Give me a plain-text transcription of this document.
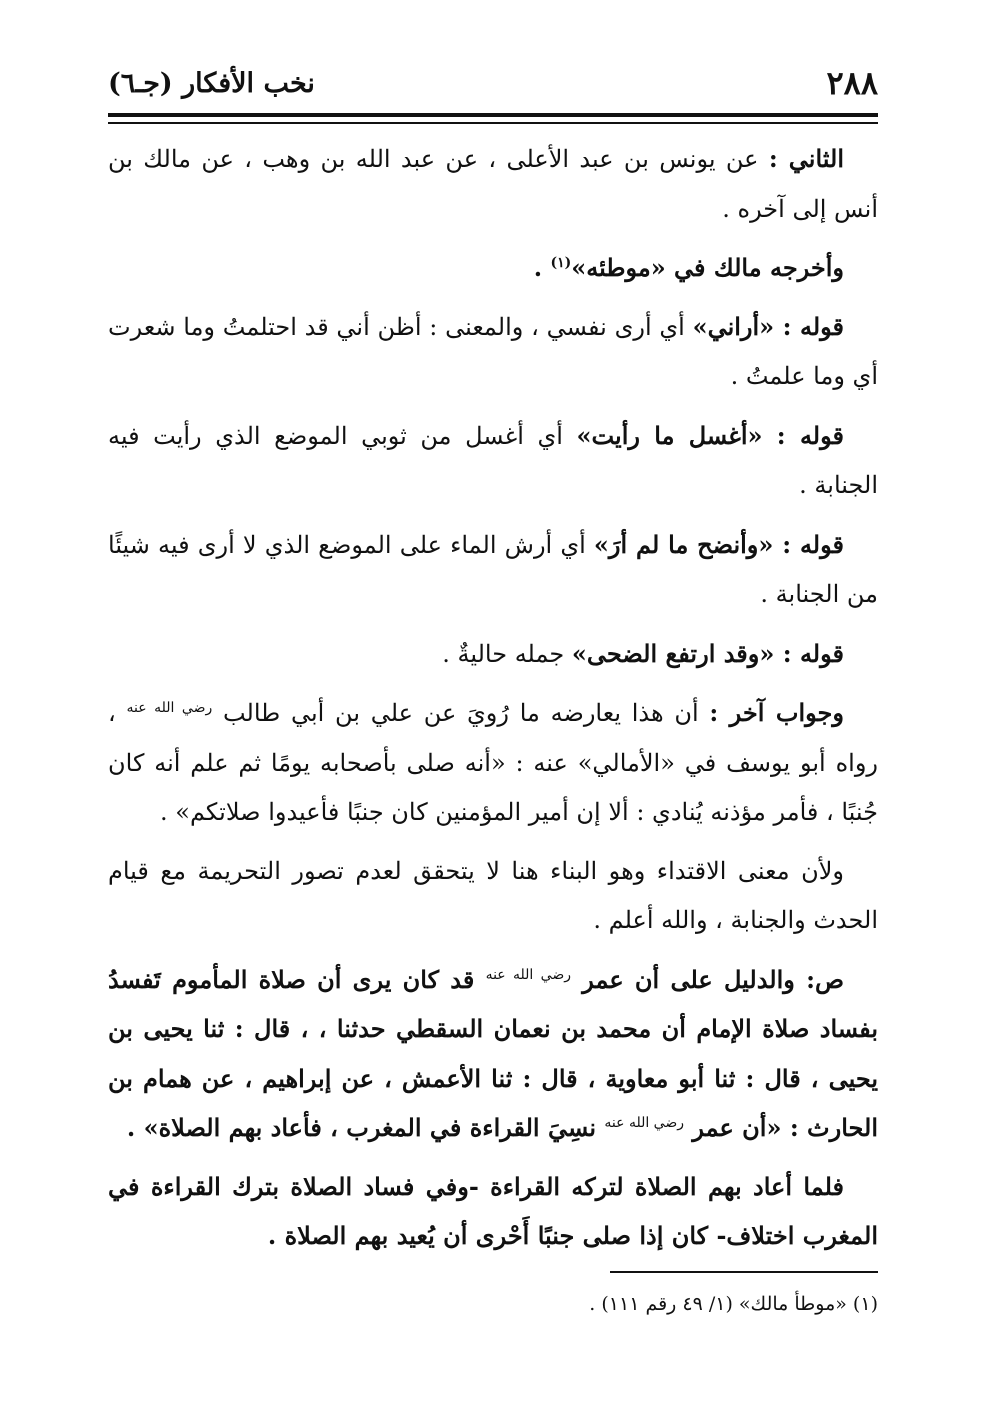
٢٨٨
نخب الأفكار (جـ٦)

الثاني : عن يونس بن عبد الأعلى ، عن عبد الله بن وهب ، عن مالك بن أنس إلى آخره .

وأخرجه مالك في «موطئه»$^{(١)}$ .

قوله : «أراني» أي أرى نفسي ، والمعنى : أظن أني قد احتلمتُ وما شعرت أي وما علمتُ .

قوله : «أغسل ما رأيت» أي أغسل من ثوبي الموضع الذي رأيت فيه الجنابة .

قوله : «وأنضح ما لم أرَ» أي أرش الماء على الموضع الذي لا أرى فيه شيئًا من الجنابة .

قوله : «وقد ارتفع الضحى» جمله حاليةٌ .

وجواب آخر : أن هذا يعارضه ما رُويَ عن علي بن أبي طالب $^{رضي الله عنه}$ ، رواه أبو يوسف في «الأمالي» عنه : «أنه صلى بأصحابه يومًا ثم علم أنه كان جُنبًا ، فأمر مؤذنه يُنادي : ألا إن أمير المؤمنين كان جنبًا فأعيدوا صلاتكم» .

ولأن معنى الاقتداء وهو البناء هنا لا يتحقق لعدم تصور التحريمة مع قيام الحدث والجنابة ، والله أعلم .

ص: والدليل على أن عمر $^{رضي الله عنه}$ قد كان يرى أن صلاة المأموم تَفسدُ بفساد صلاة الإمام أن محمد بن نعمان السقطي حدثنا ، ، قال : ثنا يحيى بن يحيى ، قال : ثنا أبو معاوية ، قال : ثنا الأعمش ، عن إبراهيم ، عن همام بن الحارث : «أن عمر $^{رضي الله عنه}$ نسِيَ القراءة في المغرب ، فأعاد بهم الصلاة» .

فلما أعاد بهم الصلاة لتركه القراءة -وفي فساد الصلاة بترك القراءة في المغرب اختلاف- كان إذا صلى جنبًا أَحْرى أن يُعيد بهم الصلاة .

(١) «موطأ مالك» (١/ ٤٩ رقم ١١١) .
